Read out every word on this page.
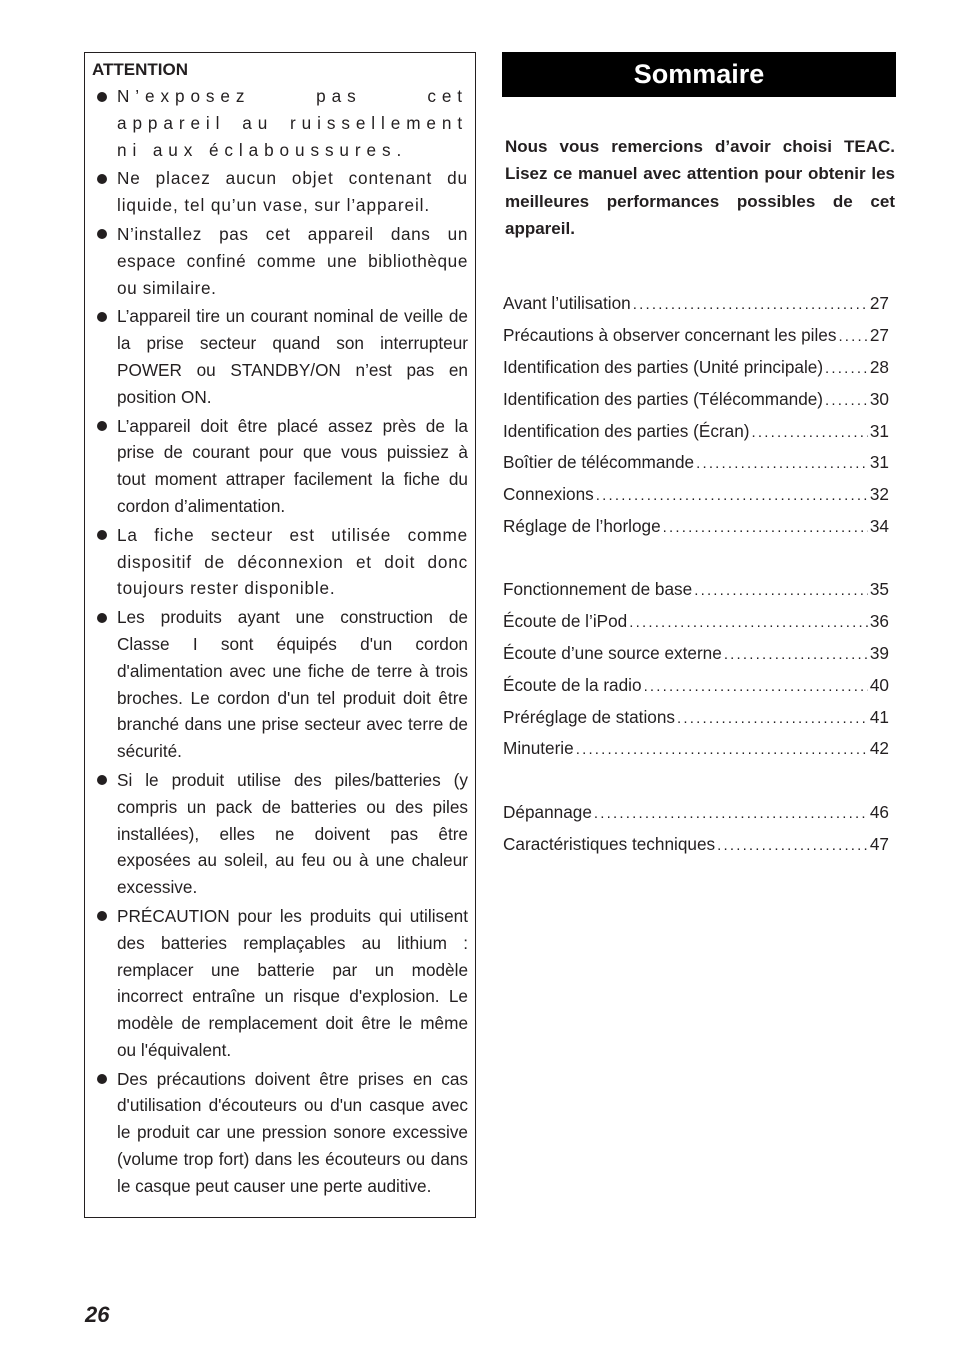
ATTENTION
N’exposez pas cet appareil au ruissellement ni aux éclaboussures.
Ne placez aucun objet contenant du liquide, tel qu’un vase, sur l’appareil.
N’installez pas cet appareil dans un espace confiné comme une bibliothèque ou similaire.
L’appareil tire un courant nominal de veille de la prise secteur quand son interrupteur POWER ou STANDBY/ON n’est pas en position ON.
L’appareil doit être placé assez près de la prise de courant pour que vous puissiez à tout moment attraper facilement la fiche du cordon d’alimentation.
La fiche secteur est utilisée comme dispositif de déconnexion et doit donc toujours rester disponible.
Les produits ayant une construction de Classe I sont équipés d'un cordon d'alimentation avec une fiche de terre à trois broches. Le cordon d'un tel produit doit être branché dans une prise secteur avec terre de sécurité.
Si le produit utilise des piles/batteries (y compris un pack de batteries ou des piles installées), elles ne doivent pas être exposées au soleil, au feu ou à une chaleur excessive.
PRÉCAUTION pour les produits qui utilisent des batteries remplaçables au lithium : remplacer une batterie par un modèle incorrect entraîne un risque d'explosion. Le modèle de remplacement doit être le même ou l'équivalent.
Des précautions doivent être prises en cas d'utilisation d'écouteurs ou d'un casque avec le produit car une pression sonore excessive (volume trop fort) dans les écouteurs ou dans le casque peut causer une perte auditive.
Sommaire
Nous vous remercions d’avoir choisi TEAC. Lisez ce manuel avec attention pour obtenir les meilleures performances possibles de cet appareil.
Avant l’utilisation .....	27
Précautions à observer concernant les piles ..... 27
Identification des parties (Unité principale) .....	28
Identification des parties (Télécommande) .....	30
Identification des parties (Écran) .....	31
Boîtier de télécommande .....	31
Connexions .....	32
Réglage de l’horloge .....	34
Fonctionnement de base .....	35
Écoute de l’iPod .....	36
Écoute d’une source externe .....	39
Écoute de la radio .....	40
Préréglage de stations .....	41
Minuterie .....	42
Dépannage .....	46
Caractéristiques techniques .....	47
26
